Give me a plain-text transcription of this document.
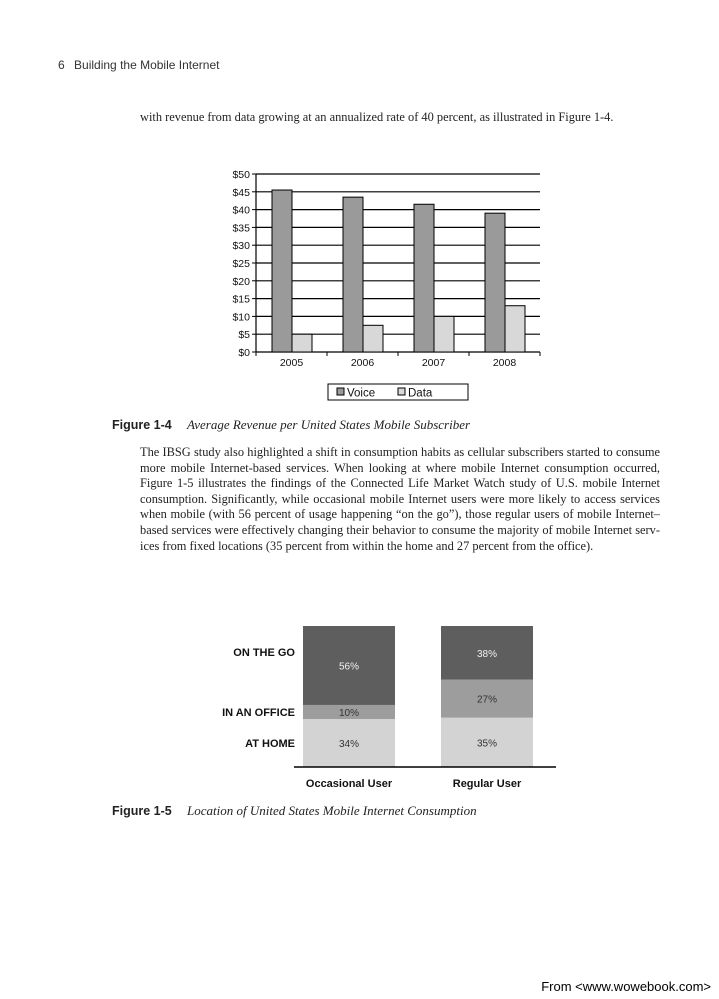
6 Building the Mobile Internet

with revenue from data growing at an annualized rate of 40 percent, as illustrated in Figure 1-4.

$0
$5
$10
$15
$20
$25
$30
$35
$40
$45
$50
2005	2006	2007	2008
Voice	Data
Figure 1-4 Average Revenue per United States Mobile Subscriber

The IBSG study also highlighted a shift in consumption habits as cellular subscribers started to consume more mobile Internet-based services. When looking at where mobile Internet consumption occurred, Figure 1-5 illustrates the findings of the Connected Life Market Watch study of U.S. mobile Internet consumption. Significantly, while occasional mobile Internet users were more likely to access services when mobile (with 56 percent of usage happening “on the go”), those regular users of mobile Internet–based services were effectively changing their behavior to consume the majority of mobile Internet serv-ices from fixed locations (35 percent from within the home and 27 percent from the office).

34%
10%
56%
Occasional User
35%
27%
38%
Regular User
AT HOME
IN AN OFFICE
ON THE GO
Figure 1-5 Location of United States Mobile Internet Consumption
From <www.wowebook.com>
